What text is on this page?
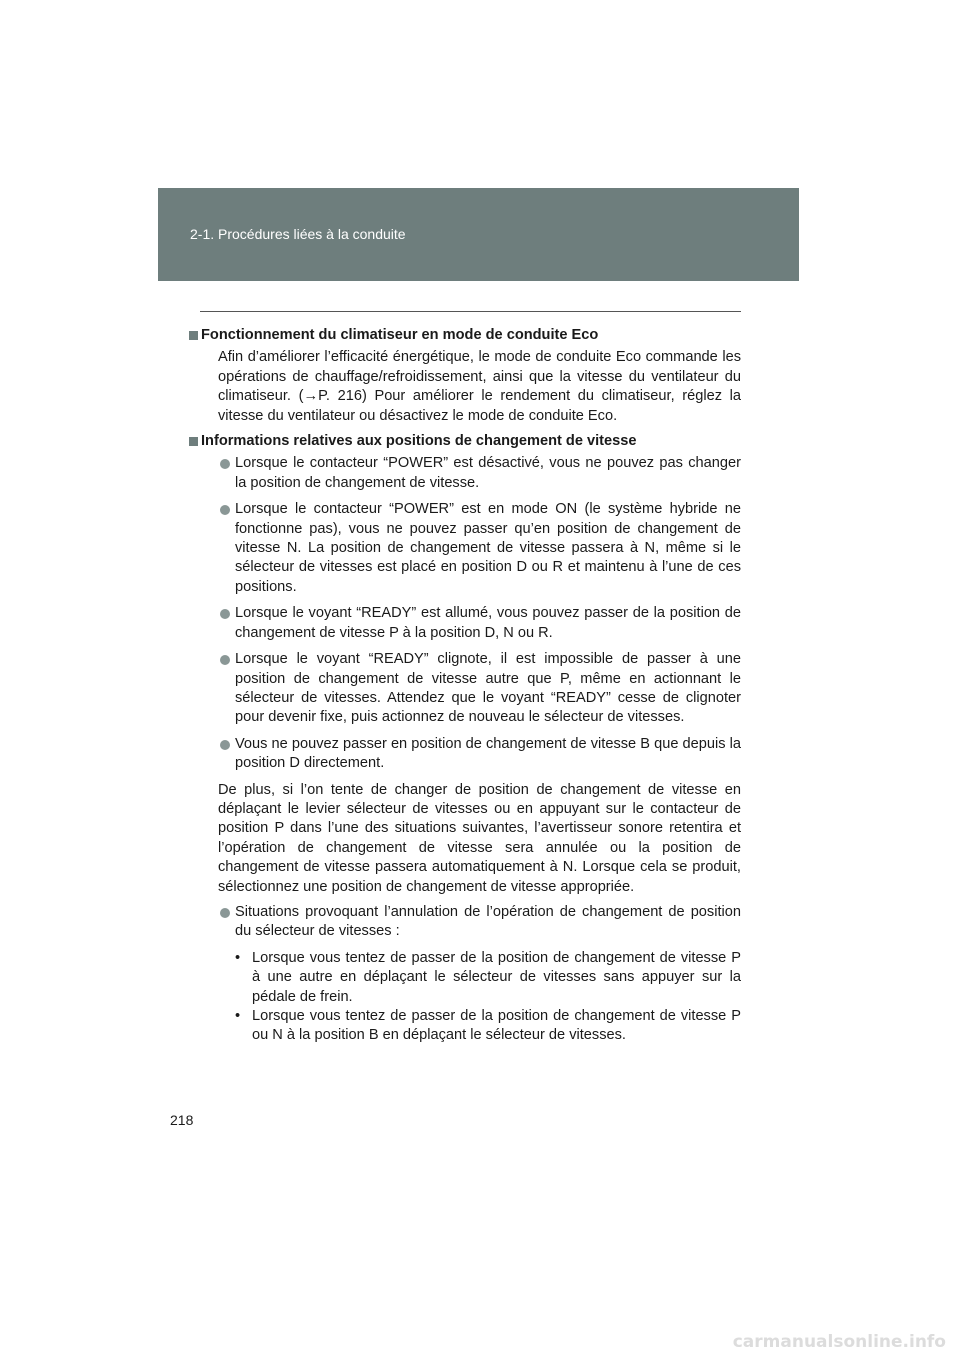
2-1. Procédures liées à la conduite
Fonctionnement du climatiseur en mode de conduite Eco

Afin d’améliorer l’efficacité énergétique, le mode de conduite Eco commande les opérations de chauffage/refroidissement, ainsi que la vitesse du ventilateur du climatiseur. (→P. 216) Pour améliorer le rendement du climatiseur, réglez la vitesse du ventilateur ou désactivez le mode de conduite Eco.

Informations relatives aux positions de changement de vitesse
Lorsque le contacteur “POWER” est désactivé, vous ne pouvez pas changer la position de changement de vitesse.
Lorsque le contacteur “POWER” est en mode ON (le système hybride ne fonctionne pas), vous ne pouvez passer qu’en position de changement de vitesse N. La position de changement de vitesse passera à N, même si le sélecteur de vitesses est placé en position D ou R et maintenu à l’une de ces positions.
Lorsque le voyant “READY” est allumé, vous pouvez passer de la position de changement de vitesse P à la position D, N ou R.
Lorsque le voyant “READY” clignote, il est impossible de passer à une position de changement de vitesse autre que P, même en actionnant le sélecteur de vitesses. Attendez que le voyant “READY” cesse de clignoter pour devenir fixe, puis actionnez de nouveau le sélecteur de vitesses.
Vous ne pouvez passer en position de changement de vitesse B que depuis la position D directement.

De plus, si l’on tente de changer de position de changement de vitesse en déplaçant le levier sélecteur de vitesses ou en appuyant sur le contacteur de position P dans l’une des situations suivantes, l’avertisseur sonore retentira et l’opération de changement de vitesse sera annulée ou la position de changement de vitesse passera automatiquement à N. Lorsque cela se produit, sélectionnez une position de changement de vitesse appropriée.

Situations provoquant l’annulation de l’opération de changement de position du sélecteur de vitesses :
• Lorsque vous tentez de passer de la position de changement de vitesse P à une autre en déplaçant le sélecteur de vitesses sans appuyer sur la pédale de frein.
• Lorsque vous tentez de passer de la position de changement de vitesse P ou N à la position B en déplaçant le sélecteur de vitesses.
218
carmanualsonline.info
